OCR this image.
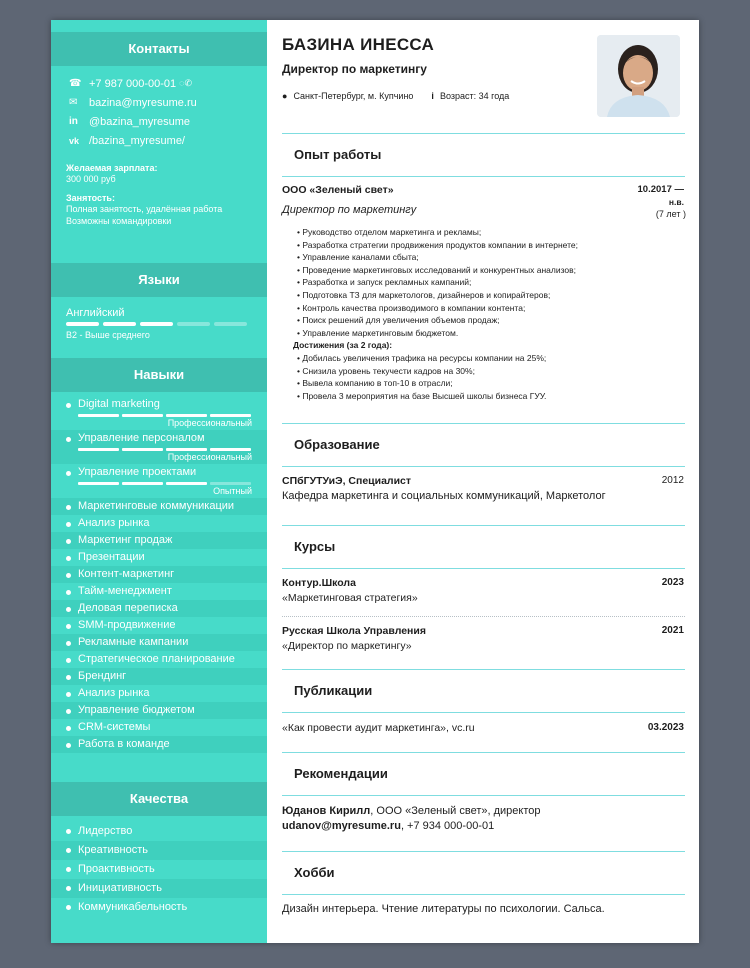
Контакты
☎ +7 987 000-00-01 ◌✆
✉	bazina@myresume.ru
in	@bazina_myresume
vk /bazina_myresume/
Желаемая зарплата:
300 000 руб
Занятость:
Полная занятость, удалённая работа
Возможны командировки
Языки
Английский
B2 - Выше среднего
Навыки
Digital marketing
Профессиональный
Управление персоналом
Профессиональный
Управление проектами
Опытный
Маркетинговые коммуникации
Анализ рынка
Маркетинг продаж
Презентации
Контент-маркетинг
Тайм-менеджмент
Деловая переписка
SMM-продвижение
Рекламные кампании
Стратегическое планирование
Брендинг
Анализ рынка
Управление бюджетом
CRM-системы
Работа в команде
Качества
Лидерство
Креативность
Проактивность
Инициативность
Коммуникабельность
БАЗИНА ИНЕССА
Директор по маркетингу
● Санкт-Петербург, м. Купчино i Возраст: 34 года
Опыт работы
ООО «Зеленый свет»	10.2017 —
н.в.
(7 лет )
Директор по маркетингу
• Руководство отделом маркетинга и рекламы;
• Разработка стратегии продвижения продуктов компании в интернете;
• Управление каналами сбыта;
• Проведение маркетинговых исследований и конкурентных анализов;
• Разработка и запуск рекламных кампаний;
• Подготовка ТЗ для маркетологов, дизайнеров и копирайтеров;
• Контроль качества производимого в компании контента;
• Поиск решений для увеличения объемов продаж;
• Управление маркетинговым бюджетом.
Достижения (за 2 года):
• Добилась увеличения трафика на ресурсы компании на 25%;
• Снизила уровень текучести кадров на 30%;
• Вывела компанию в топ-10 в отрасли;
• Провела 3 мероприятия на базе Высшей школы бизнеса ГУУ.
Образование
СПбГУТУиЭ, Специалист	2012
Кафедра маркетинга и социальных коммуникаций, Маркетолог
Курсы
Контур.Школа	2023
«Маркетинговая стратегия»
Русская Школа Управления	2021
«Директор по маркетингу»
Публикации
«Как провести аудит маркетинга», vc.ru	03.2023
Рекомендации
Юданов Кирилл, ООО «Зеленый свет», директор
udanov@myresume.ru, +7 934 000-00-01
Хобби
Дизайн интерьера. Чтение литературы по психологии. Сальса.
